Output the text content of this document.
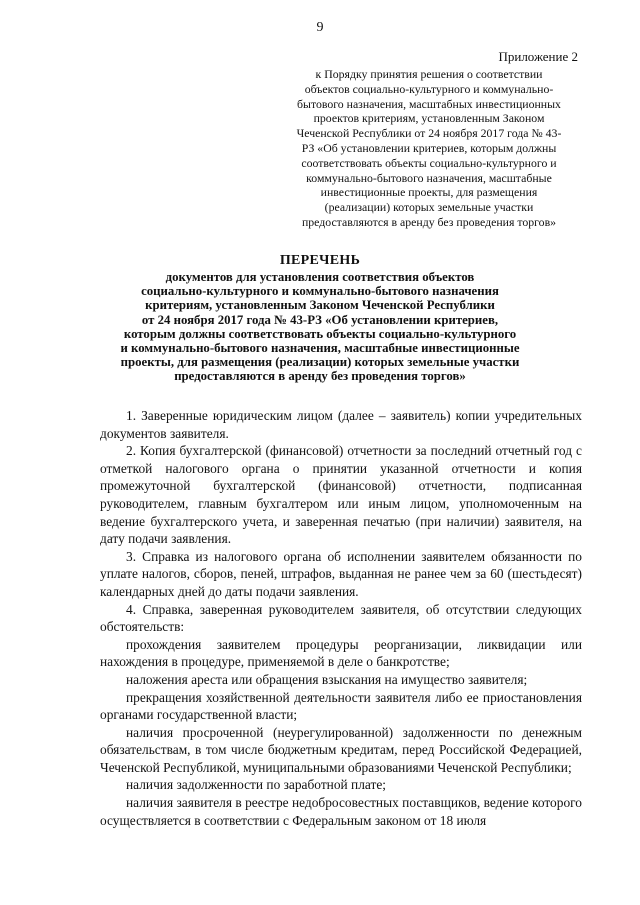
9
Приложение 2
к Порядку принятия решения о соответствии
объектов социально-культурного и коммунально-
бытового назначения, масштабных инвестиционных
проектов критериям, установленным Законом
Чеченской Республики от 24 ноября 2017 года № 43-
РЗ «Об установлении критериев, которым должны
соответствовать объекты социально-культурного и
коммунально-бытового назначения, масштабные
инвестиционные проекты, для размещения
(реализации) которых земельные участки
предоставляются в аренду без проведения торгов»
ПЕРЕЧЕНЬ
документов для установления соответствия объектов
социально-культурного и коммунально-бытового назначения
критериям, установленным Законом Чеченской Республики
от 24 ноября 2017 года № 43-РЗ «Об установлении критериев,
которым должны соответствовать объекты социально-культурного
и коммунально-бытового назначения, масштабные инвестиционные
проекты, для размещения (реализации) которых земельные участки
предоставляются в аренду без проведения торгов»

1. Заверенные юридическим лицом (далее – заявитель) копии учредительных документов заявителя.

2. Копия бухгалтерской (финансовой) отчетности за последний отчетный год с отметкой налогового органа о принятии указанной отчетности и копия промежуточной бухгалтерской (финансовой) отчетности, подписанная руководителем, главным бухгалтером или иным лицом, уполномоченным на ведение бухгалтерского учета, и заверенная печатью (при наличии) заявителя, на дату подачи заявления.

3. Справка из налогового органа об исполнении заявителем обязанности по уплате налогов, сборов, пеней, штрафов, выданная не ранее чем за 60 (шестьдесят) календарных дней до даты подачи заявления.

4. Справка, заверенная руководителем заявителя, об отсутствии следующих обстоятельств:

прохождения заявителем процедуры реорганизации, ликвидации или нахождения в процедуре, применяемой в деле о банкротстве;

наложения ареста или обращения взыскания на имущество заявителя;

прекращения хозяйственной деятельности заявителя либо ее приостановления органами государственной власти;

наличия просроченной (неурегулированной) задолженности по денежным обязательствам, в том числе бюджетным кредитам, перед Российской Федерацией, Чеченской Республикой, муниципальными образованиями Чеченской Республики;

наличия задолженности по заработной плате;

наличия заявителя в реестре недобросовестных поставщиков, ведение которого осуществляется в соответствии с Федеральным законом от 18 июля
